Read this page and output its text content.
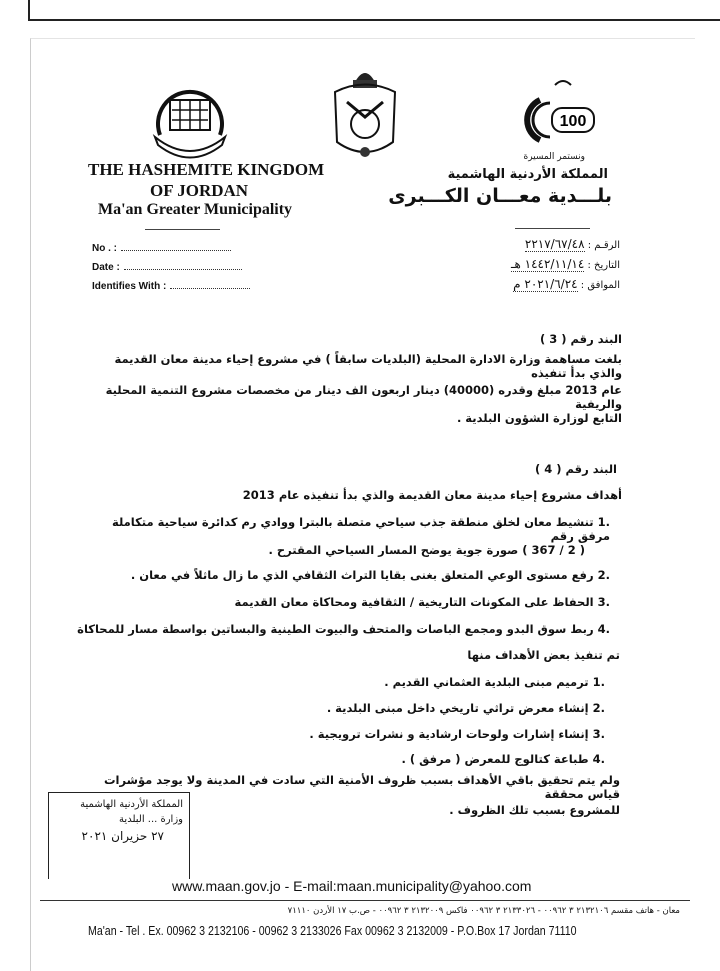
100
THE HASHEMITE KINGDOM
OF JORDAN
Ma'an Greater Municipality
No . :
Date :
Identifies With :
ونستمر المسيرة
المملكة الأردنية الهاشمية
بلـــدية معـــان الكـــبرى
الرقـم : ٢٢١٧/٦٧/٤٨
التاريخ : ١٤٤٢/١١/١٤ هـ
الموافق : ٢٠٢١/٦/٢٤ م
البند رقم ( 3 )
بلغت مساهمة وزارة الادارة المحلية (البلديات سابقاً ) في مشروع إحياء مدينة معان القديمة والذي بدأ تنفيذه
عام 2013 مبلغ وقدره (40000) دينار اربعون الف دينار من مخصصات مشروع التنمية المحلية والريفية
التابع لوزارة الشؤون البلدية .
البند رقم ( 4 )
أهداف مشروع إحياء مدينة معان القديمة والذي بدأ تنفيذه عام 2013
.1 تنشيط معان لخلق منطقة جذب سياحي متصلة بالبترا ووادي رم كدائرة سياحية متكاملة مرفق رقم
( 2 / 367 ) صورة جوية يوضح المسار السياحي المقترح .
.2 رفع مستوى الوعي المتعلق بغنى بقايا التراث الثقافي الذي ما زال ماثلاً في معان .
.3 الحفاظ على المكونات التاريخية / الثقافية ومحاكاة معان القديمة
.4 ربط سوق البدو ومجمع الباصات والمتحف والبيوت الطينية والبساتين بواسطة مسار للمحاكاة
تم تنفيذ بعض الأهداف منها
.1 ترميم مبنى البلدية العثماني القديم .
.2 إنشاء معرض تراثي تاريخي داخل مبنى البلدية .
.3 إنشاء إشارات ولوحات ارشادية و نشرات ترويجية .
.4 طباعة كتالوج للمعرض ( مرفق ) .
ولم يتم تحقيق باقي الأهداف بسبب ظروف الأمنية التي سادت في المدينة ولا يوجد مؤشرات قياس محققة
للمشروع بسبب تلك الظروف .
المملكة الأردنية الهاشمية
وزارة ... البلدية
٢٧ حزيران ٢٠٢١
www.maan.gov.jo - E-mail:maan.municipality@yahoo.com
معان - هاتف مقسم ٢١٣٢١٠٦ ٣ ٠٠٩٦٢ - ٢١٣٣٠٢٦ ٣ ٠٠٩٦٢ فاكس ٢١٣٢٠٠٩ ٣ ٠٠٩٦٢ - ص.ب ١٧ الأردن ٧١١١٠
Ma'an - Tel . Ex. 00962 3 2132106 - 00962 3 2133026 Fax 00962 3 2132009 - P.O.Box 17 Jordan 71110
